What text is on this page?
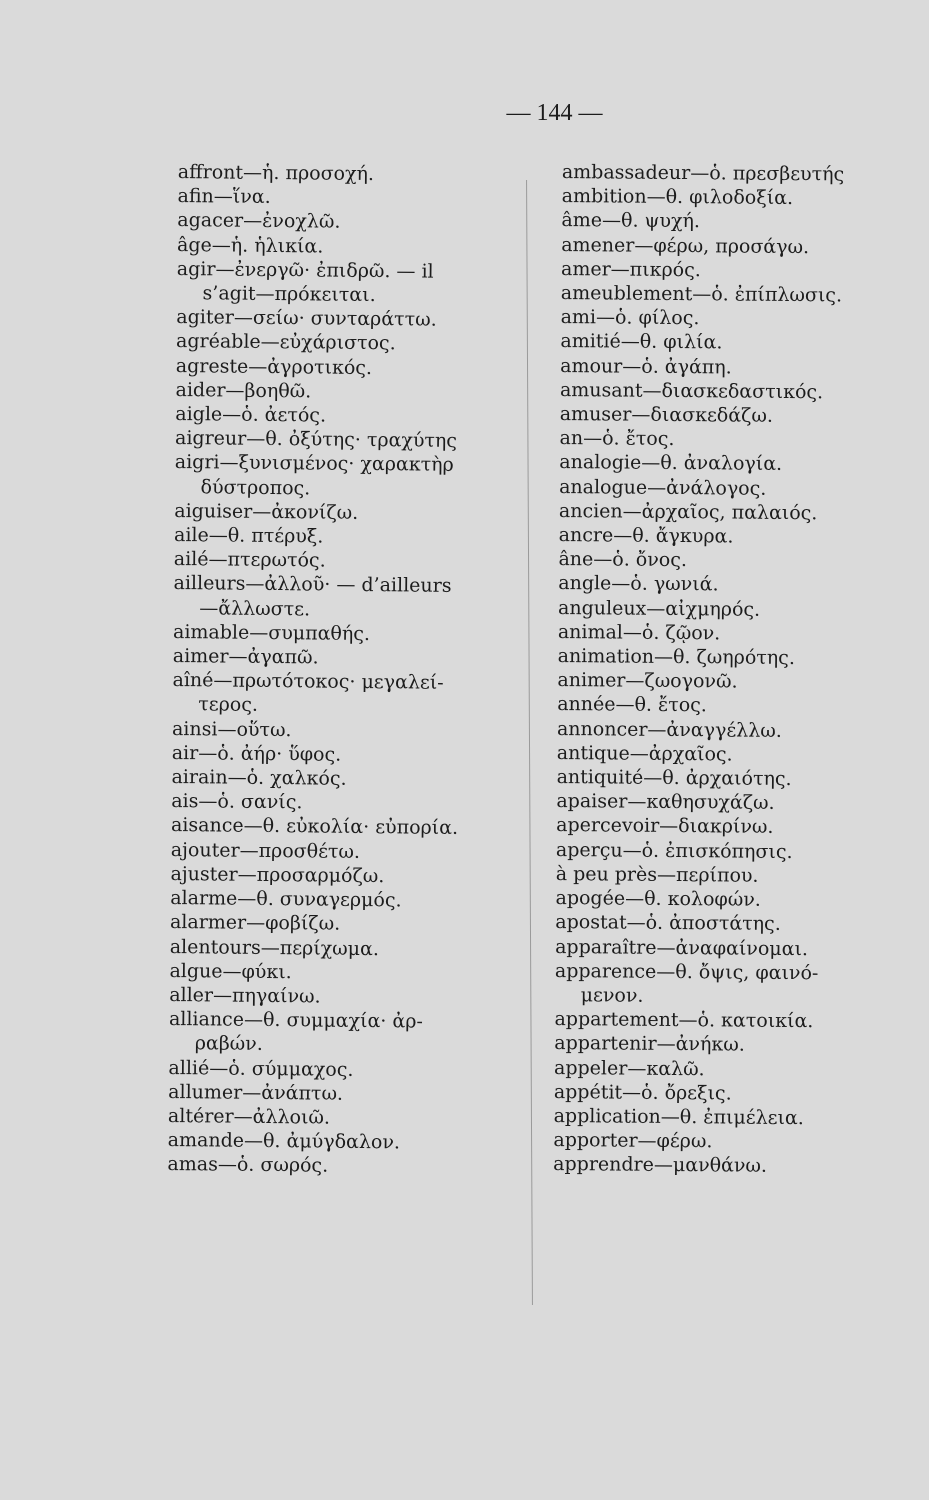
— 144 —
affront—ἡ. προσοχή.
afin—ἵνα.
agacer—ἐνοχλῶ.
âge—ἡ. ἡλικία.
agir—ἐνεργῶ· ἐπιδρῶ. — il
s’agit—πρόκειται.
agiter—σείω· συνταράττω.
agréable—εὐχάριστος.
agreste—ἀγροτικός.
aider—βοηθῶ.
aigle—ὁ. ἀετός.
aigreur—θ. ὀξύτης· τραχύτης
aigri—ξυνισμένος· χαρακτὴρ
δύστροπος.
aiguiser—ἀκονίζω.
aile—θ. πτέρυξ.
ailé—πτερωτός.
ailleurs—ἀλλοῦ· — d’ailleurs
—ἄλλωστε.
aimable—συμπαθής.
aimer—ἀγαπῶ.
aîné—πρωτότοκος· μεγαλεί-
τερος.
ainsi—οὕτω.
air—ὁ. ἀήρ· ὕφος.
airain—ὁ. χαλκός.
ais—ὁ. σανίς.
aisance—θ. εὐκολία· εὐπορία.
ajouter—προσθέτω.
ajuster—προσαρμόζω.
alarme—θ. συναγερμός.
alarmer—φοβίζω.
alentours—περίχωμα.
algue—φύκι.
aller—πηγαίνω.
alliance—θ. συμμαχία· ἀρ-
ραβών.
allié—ὁ. σύμμαχος.
allumer—ἀνάπτω.
altérer—ἀλλοιῶ.
amande—θ. ἀμύγδαλον.
amas—ὁ. σωρός.
ambassadeur—ὁ. πρεσβευτής
ambition—θ. φιλοδοξία.
âme—θ. ψυχή.
amener—φέρω, προσάγω.
amer—πικρός.
ameublement—ὁ. ἐπίπλωσις.
ami—ὁ. φίλος.
amitié—θ. φιλία.
amour—ὁ. ἀγάπη.
amusant—διασκεδαστικός.
amuser—διασκεδάζω.
an—ὁ. ἔτος.
analogie—θ. ἀναλογία.
analogue—ἀνάλογος.
ancien—ἀρχαῖος, παλαιός.
ancre—θ. ἄγκυρα.
âne—ὁ. ὄνος.
angle—ὁ. γωνιά.
anguleux—αἰχμηρός.
animal—ὁ. ζῷον.
animation—θ. ζωηρότης.
animer—ζωογονῶ.
année—θ. ἔτος.
annoncer—ἀναγγέλλω.
antique—ἀρχαῖος.
antiquité—θ. ἀρχαιότης.
apaiser—καθησυχάζω.
apercevoir—διακρίνω.
aperçu—ὁ. ἐπισκόπησις.
à peu près—περίπου.
apogée—θ. κολοφών.
apostat—ὁ. ἀποστάτης.
apparaître—ἀναφαίνομαι.
apparence—θ. ὄψις, φαινό-
μενον.
appartement—ὁ. κατοικία.
appartenir—ἀνήκω.
appeler—καλῶ.
appétit—ὁ. ὄρεξις.
application—θ. ἐπιμέλεια.
apporter—φέρω.
apprendre—μανθάνω.
